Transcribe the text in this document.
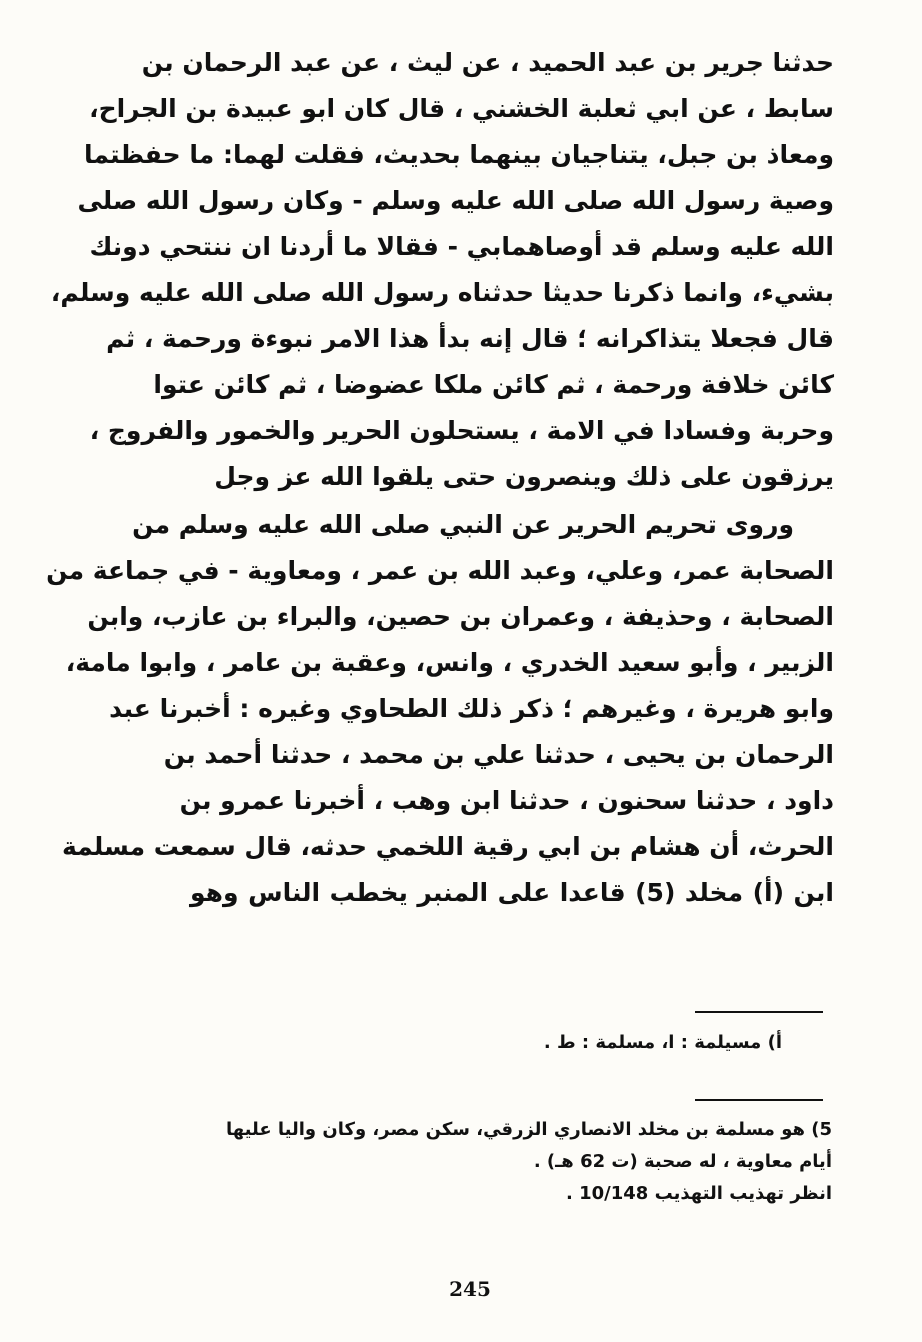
حدثنا جرير بن عبد الحميد ، عن ليث ، عن عبد الرحمان بن
سابط ، عن ابي ثعلبة الخشني ، قال كان ابو عبيدة بن الجراح،
ومعاذ بن جبل، يتناجيان بينهما بحديث، فقلت لهما: ما حفظتما
وصية رسول الله صلى الله عليه وسلم - وكان رسول الله صلى
الله عليه وسلم قد أوصاهمابي - فقالا ما أردنا ان ننتحي دونك
بشيء، وانما ذكرنا حديثا حدثناه رسول الله صلى الله عليه وسلم،
قال فجعلا يتذاكرانه ؛ قال إنه بدأ هذا الامر نبوءة ورحمة ، ثم
كائن خلافة ورحمة ، ثم كائن ملكا عضوضا ، ثم كائن عتوا
وحربة وفسادا في الامة ، يستحلون الحرير والخمور والفروج ،
يرزقون على ذلك وينصرون حتى يلقوا الله عز وجل
وروى تحريم الحرير عن النبي صلى الله عليه وسلم من
الصحابة عمر، وعلي، وعبد الله بن عمر ، ومعاوية - في جماعة من
الصحابة ، وحذيفة ، وعمران بن حصين، والبراء بن عازب، وابن
الزبير ، وأبو سعيد الخدري ، وانس، وعقبة بن عامر ، وابوا مامة،
وابو هريرة ، وغيرهم ؛ ذكر ذلك الطحاوي وغيره : أخبرنا عبد
الرحمان بن يحيى ، حدثنا علي بن محمد ، حدثنا أحمد بن
داود ، حدثنا سحنون ، حدثنا ابن وهب ، أخبرنا عمرو بن
الحرث، أن هشام بن ابي رقية اللخمي حدثه، قال سمعت مسلمة
ابن (أ) مخلد (5) قاعدا على المنبر يخطب الناس وهو
أ) مسيلمة : ا، مسلمة : ط .
5) هو مسلمة بن مخلد الانصاري الزرقي، سكن مصر، وكان واليا عليها
أيام معاوية ، له صحبة (ت 62 هـ) .
انظر تهذيب التهذيب 10/148 .
245
